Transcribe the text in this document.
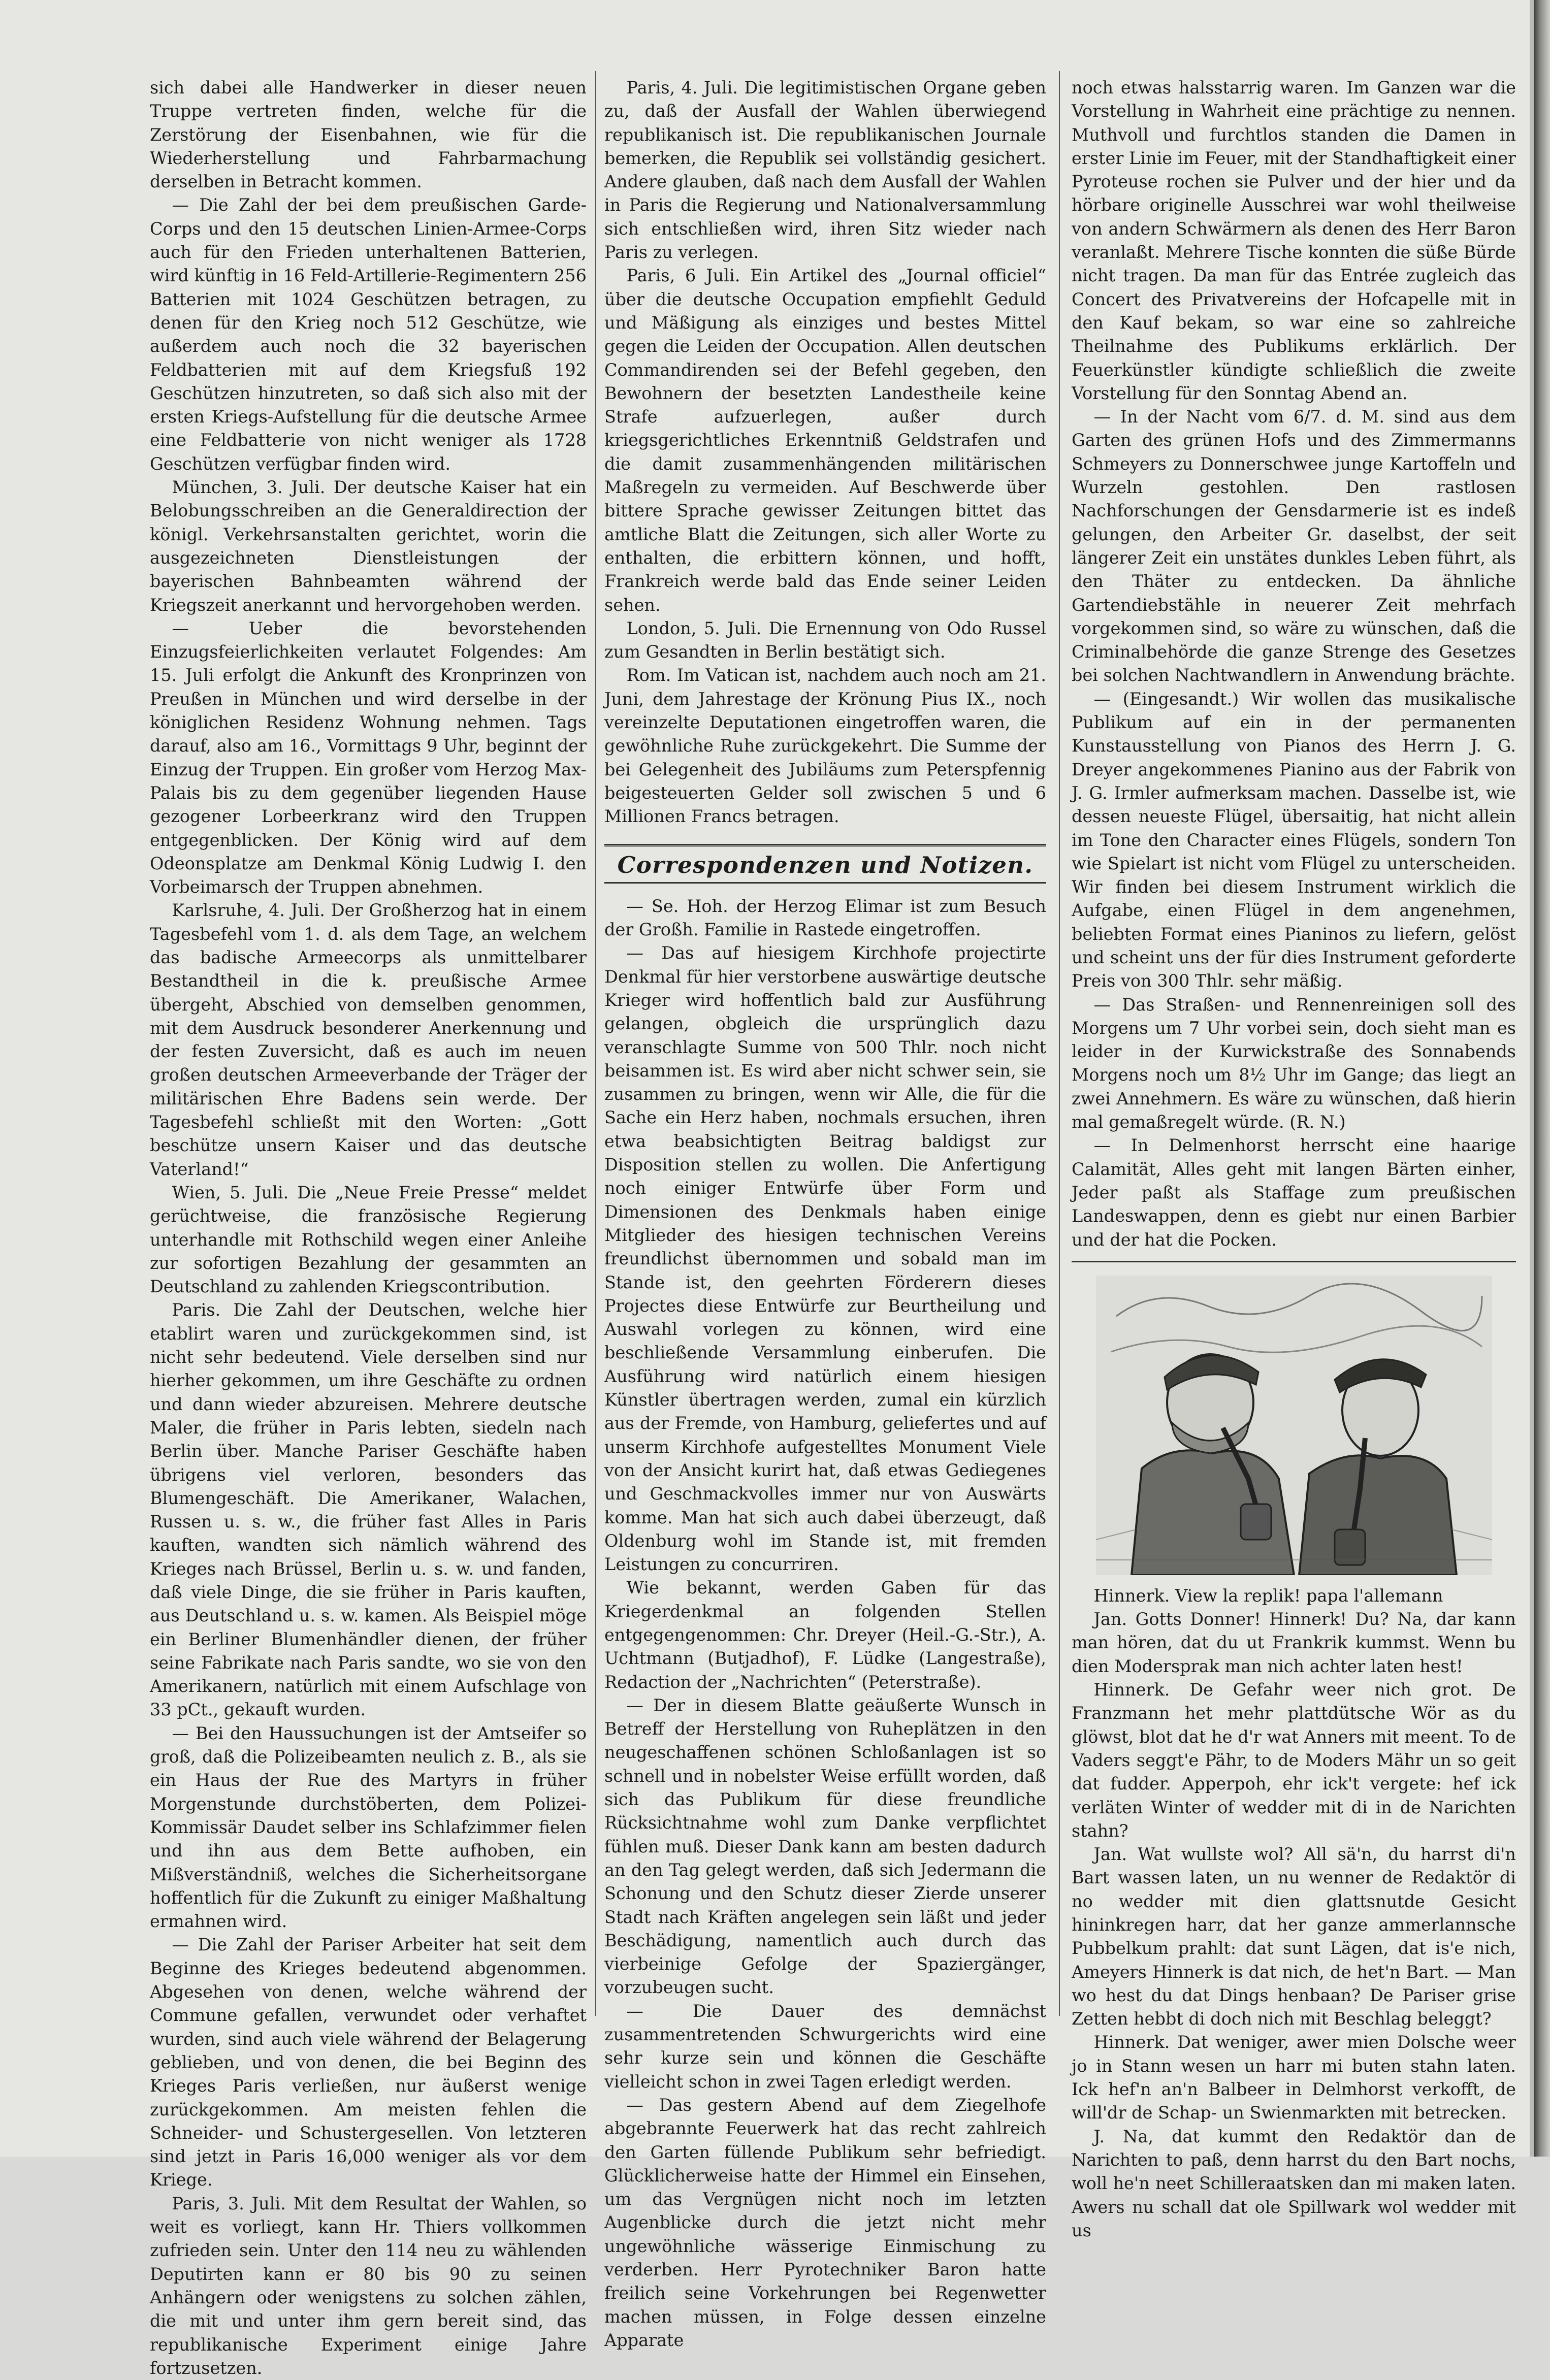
sich dabei alle Handwerker in dieser neuen Truppe vertreten finden, welche für die Zerstörung der Eisenbahnen, wie für die Wiederherstellung und Fahrbarmachung derselben in Betracht kommen.

— Die Zahl der bei dem preußischen Garde-Corps und den 15 deutschen Linien-Armee-Corps auch für den Frieden unterhaltenen Batterien, wird künftig in 16 Feld-Artillerie-Regimentern 256 Batterien mit 1024 Geschützen betragen, zu denen für den Krieg noch 512 Geschütze, wie außerdem auch noch die 32 bayerischen Feldbatterien mit auf dem Kriegsfuß 192 Geschützen hinzutreten, so daß sich also mit der ersten Kriegs-Aufstellung für die deutsche Armee eine Feldbatterie von nicht weniger als 1728 Geschützen verfügbar finden wird.

München, 3. Juli. Der deutsche Kaiser hat ein Belobungsschreiben an die Generaldirection der königl. Verkehrsanstalten gerichtet, worin die ausgezeichneten Dienstleistungen der bayerischen Bahnbeamten während der Kriegszeit anerkannt und hervorgehoben werden.

— Ueber die bevorstehenden Einzugsfeierlichkeiten verlautet Folgendes: Am 15. Juli erfolgt die Ankunft des Kronprinzen von Preußen in München und wird derselbe in der königlichen Residenz Wohnung nehmen. Tags darauf, also am 16., Vormittags 9 Uhr, beginnt der Einzug der Truppen. Ein großer vom Herzog Max-Palais bis zu dem gegenüber liegenden Hause gezogener Lorbeerkranz wird den Truppen entgegenblicken. Der König wird auf dem Odeonsplatze am Denkmal König Ludwig I. den Vorbeimarsch der Truppen abnehmen.

Karlsruhe, 4. Juli. Der Großherzog hat in einem Tagesbefehl vom 1. d. als dem Tage, an welchem das badische Armeecorps als unmittelbarer Bestandtheil in die k. preußische Armee übergeht, Abschied von demselben genommen, mit dem Ausdruck besonderer Anerkennung und der festen Zuversicht, daß es auch im neuen großen deutschen Armeeverbande der Träger der militärischen Ehre Badens sein werde. Der Tagesbefehl schließt mit den Worten: „Gott beschütze unsern Kaiser und das deutsche Vaterland!“

Wien, 5. Juli. Die „Neue Freie Presse“ meldet gerüchtweise, die französische Regierung unterhandle mit Rothschild wegen einer Anleihe zur sofortigen Bezahlung der gesammten an Deutschland zu zahlenden Kriegscontribution.

Paris. Die Zahl der Deutschen, welche hier etablirt waren und zurückgekommen sind, ist nicht sehr bedeutend. Viele derselben sind nur hierher gekommen, um ihre Geschäfte zu ordnen und dann wieder abzureisen. Mehrere deutsche Maler, die früher in Paris lebten, siedeln nach Berlin über. Manche Pariser Geschäfte haben übrigens viel verloren, besonders das Blumengeschäft. Die Amerikaner, Walachen, Russen u. s. w., die früher fast Alles in Paris kauften, wandten sich nämlich während des Krieges nach Brüssel, Berlin u. s. w. und fanden, daß viele Dinge, die sie früher in Paris kauften, aus Deutschland u. s. w. kamen. Als Beispiel möge ein Berliner Blumenhändler dienen, der früher seine Fabrikate nach Paris sandte, wo sie von den Amerikanern, natürlich mit einem Aufschlage von 33 pCt., gekauft wurden.

— Bei den Haussuchungen ist der Amtseifer so groß, daß die Polizeibeamten neulich z. B., als sie ein Haus der Rue des Martyrs in früher Morgenstunde durchstöberten, dem Polizei-Kommissär Daudet selber ins Schlafzimmer fielen und ihn aus dem Bette aufhoben, ein Mißverständniß, welches die Sicherheitsorgane hoffentlich für die Zukunft zu einiger Maßhaltung ermahnen wird.

— Die Zahl der Pariser Arbeiter hat seit dem Beginne des Krieges bedeutend abgenommen. Abgesehen von denen, welche während der Commune gefallen, verwundet oder verhaftet wurden, sind auch viele während der Belagerung geblieben, und von denen, die bei Beginn des Krieges Paris verließen, nur äußerst wenige zurückgekommen. Am meisten fehlen die Schneider- und Schustergesellen. Von letzteren sind jetzt in Paris 16,000 weniger als vor dem Kriege.

Paris, 3. Juli. Mit dem Resultat der Wahlen, so weit es vorliegt, kann Hr. Thiers vollkommen zufrieden sein. Unter den 114 neu zu wählenden Deputirten kann er 80 bis 90 zu seinen Anhängern oder wenigstens zu solchen zählen, die mit und unter ihm gern bereit sind, das republikanische Experiment einige Jahre fortzusetzen.

Paris, 4. Juli. Die legitimistischen Organe geben zu, daß der Ausfall der Wahlen überwiegend republikanisch ist. Die republikanischen Journale bemerken, die Republik sei vollständig gesichert. Andere glauben, daß nach dem Ausfall der Wahlen in Paris die Regierung und Nationalversammlung sich entschließen wird, ihren Sitz wieder nach Paris zu verlegen.

Paris, 6 Juli. Ein Artikel des „Journal officiel“ über die deutsche Occupation empfiehlt Geduld und Mäßigung als einziges und bestes Mittel gegen die Leiden der Occupation. Allen deutschen Commandirenden sei der Befehl gegeben, den Bewohnern der besetzten Landestheile keine Strafe aufzuerlegen, außer durch kriegsgerichtliches Erkenntniß Geldstrafen und die damit zusammenhängenden militärischen Maßregeln zu vermeiden. Auf Beschwerde über bittere Sprache gewisser Zeitungen bittet das amtliche Blatt die Zeitungen, sich aller Worte zu enthalten, die erbittern können, und hofft, Frankreich werde bald das Ende seiner Leiden sehen.

London, 5. Juli. Die Ernennung von Odo Russel zum Gesandten in Berlin bestätigt sich.

Rom. Im Vatican ist, nachdem auch noch am 21. Juni, dem Jahrestage der Krönung Pius IX., noch vereinzelte Deputationen eingetroffen waren, die gewöhnliche Ruhe zurückgekehrt. Die Summe der bei Gelegenheit des Jubiläums zum Peterspfennig beigesteuerten Gelder soll zwischen 5 und 6 Millionen Francs betragen.

Correspondenzen und Notizen.

— Se. Hoh. der Herzog Elimar ist zum Besuch der Großh. Familie in Rastede eingetroffen.

— Das auf hiesigem Kirchhofe projectirte Denkmal für hier verstorbene auswärtige deutsche Krieger wird hoffentlich bald zur Ausführung gelangen, obgleich die ursprünglich dazu veranschlagte Summe von 500 Thlr. noch nicht beisammen ist. Es wird aber nicht schwer sein, sie zusammen zu bringen, wenn wir Alle, die für die Sache ein Herz haben, nochmals ersuchen, ihren etwa beabsichtigten Beitrag baldigst zur Disposition stellen zu wollen. Die Anfertigung noch einiger Entwürfe über Form und Dimensionen des Denkmals haben einige Mitglieder des hiesigen technischen Vereins freundlichst übernommen und sobald man im Stande ist, den geehrten Förderern dieses Projectes diese Entwürfe zur Beurtheilung und Auswahl vorlegen zu können, wird eine beschließende Versammlung einberufen. Die Ausführung wird natürlich einem hiesigen Künstler übertragen werden, zumal ein kürzlich aus der Fremde, von Hamburg, geliefertes und auf unserm Kirchhofe aufgestelltes Monument Viele von der Ansicht kurirt hat, daß etwas Gediegenes und Geschmackvolles immer nur von Auswärts komme. Man hat sich auch dabei überzeugt, daß Oldenburg wohl im Stande ist, mit fremden Leistungen zu concurriren.

Wie bekannt, werden Gaben für das Kriegerdenkmal an folgenden Stellen entgegengenommen: Chr. Dreyer (Heil.-G.-Str.), A. Uchtmann (Butjadhof), F. Lüdke (Langestraße), Redaction der „Nachrichten“ (Peterstraße).

— Der in diesem Blatte geäußerte Wunsch in Betreff der Herstellung von Ruheplätzen in den neugeschaffenen schönen Schloßanlagen ist so schnell und in nobelster Weise erfüllt worden, daß sich das Publikum für diese freundliche Rücksichtnahme wohl zum Danke verpflichtet fühlen muß. Dieser Dank kann am besten dadurch an den Tag gelegt werden, daß sich Jedermann die Schonung und den Schutz dieser Zierde unserer Stadt nach Kräften angelegen sein läßt und jeder Beschädigung, namentlich auch durch das vierbeinige Gefolge der Spaziergänger, vorzubeugen sucht.

— Die Dauer des demnächst zusammentretenden Schwurgerichts wird eine sehr kurze sein und können die Geschäfte vielleicht schon in zwei Tagen erledigt werden.

— Das gestern Abend auf dem Ziegelhofe abgebrannte Feuerwerk hat das recht zahlreich den Garten füllende Publikum sehr befriedigt. Glücklicherweise hatte der Himmel ein Einsehen, um das Vergnügen nicht noch im letzten Augenblicke durch die jetzt nicht mehr ungewöhnliche wässerige Einmischung zu verderben. Herr Pyrotechniker Baron hatte freilich seine Vorkehrungen bei Regenwetter machen müssen, in Folge dessen einzelne Apparate

noch etwas halsstarrig waren. Im Ganzen war die Vorstellung in Wahrheit eine prächtige zu nennen. Muthvoll und furchtlos standen die Damen in erster Linie im Feuer, mit der Standhaftigkeit einer Pyroteuse rochen sie Pulver und der hier und da hörbare originelle Ausschrei war wohl theilweise von andern Schwärmern als denen des Herr Baron veranlaßt. Mehrere Tische konnten die süße Bürde nicht tragen. Da man für das Entrée zugleich das Concert des Privatvereins der Hofcapelle mit in den Kauf bekam, so war eine so zahlreiche Theilnahme des Publikums erklärlich. Der Feuerkünstler kündigte schließlich die zweite Vorstellung für den Sonntag Abend an.

— In der Nacht vom 6/7. d. M. sind aus dem Garten des grünen Hofs und des Zimmermanns Schmeyers zu Donnerschwee junge Kartoffeln und Wurzeln gestohlen. Den rastlosen Nachforschungen der Gensdarmerie ist es indeß gelungen, den Arbeiter Gr. daselbst, der seit längerer Zeit ein unstätes dunkles Leben führt, als den Thäter zu entdecken. Da ähnliche Gartendiebstähle in neuerer Zeit mehrfach vorgekommen sind, so wäre zu wünschen, daß die Criminalbehörde die ganze Strenge des Gesetzes bei solchen Nachtwandlern in Anwendung brächte.

— (Eingesandt.) Wir wollen das musikalische Publikum auf ein in der permanenten Kunstausstellung von Pianos des Herrn J. G. Dreyer angekommenes Pianino aus der Fabrik von J. G. Irmler aufmerksam machen. Dasselbe ist, wie dessen neueste Flügel, übersaitig, hat nicht allein im Tone den Character eines Flügels, sondern Ton wie Spielart ist nicht vom Flügel zu unterscheiden. Wir finden bei diesem Instrument wirklich die Aufgabe, einen Flügel in dem angenehmen, beliebten Format eines Pianinos zu liefern, gelöst und scheint uns der für dies Instrument geforderte Preis von 300 Thlr. sehr mäßig.

— Das Straßen- und Rennenreinigen soll des Morgens um 7 Uhr vorbei sein, doch sieht man es leider in der Kurwickstraße des Sonnabends Morgens noch um 8½ Uhr im Gange; das liegt an zwei Annehmern. Es wäre zu wünschen, daß hierin mal gemaßregelt würde. (R. N.)

— In Delmenhorst herrscht eine haarige Calamität, Alles geht mit langen Bärten einher, Jeder paßt als Staffage zum preußischen Landeswappen, denn es giebt nur einen Barbier und der hat die Pocken.

Hinnerk. View la replik! papa l'allemann

Jan. Gotts Donner! Hinnerk! Du? Na, dar kann man hören, dat du ut Frankrik kummst. Wenn bu dien Modersprak man nich achter laten hest!

Hinnerk. De Gefahr weer nich grot. De Franzmann het mehr plattdütsche Wör as du glöwst, blot dat he d'r wat Anners mit meent. To de Vaders seggt'e Pähr, to de Moders Mähr un so geit dat fudder. Apperpoh, ehr ick't vergete: hef ick verläten Winter of wedder mit di in de Narichten stahn?

Jan. Wat wullste wol? All sä'n, du harrst di'n Bart wassen laten, un nu wenner de Redaktör di no wedder mit dien glattsnutde Gesicht hininkregen harr, dat her ganze ammerlannsche Pubbelkum prahlt: dat sunt Lägen, dat is'e nich, Ameyers Hinnerk is dat nich, de het'n Bart. — Man wo hest du dat Dings henbaan? De Pariser grise Zetten hebbt di doch nich mit Beschlag beleggt?

Hinnerk. Dat weniger, awer mien Dolsche weer jo in Stann wesen un harr mi buten stahn laten. Ick hef'n an'n Balbeer in Delmhorst verkofft, de will'dr de Schap- un Swienmarkten mit betrecken.

J. Na, dat kummt den Redaktör dan de Narichten to paß, denn harrst du den Bart nochs, woll he'n neet Schilleraatsken dan mi maken laten. Awers nu schall dat ole Spillwark wol wedder mit us
